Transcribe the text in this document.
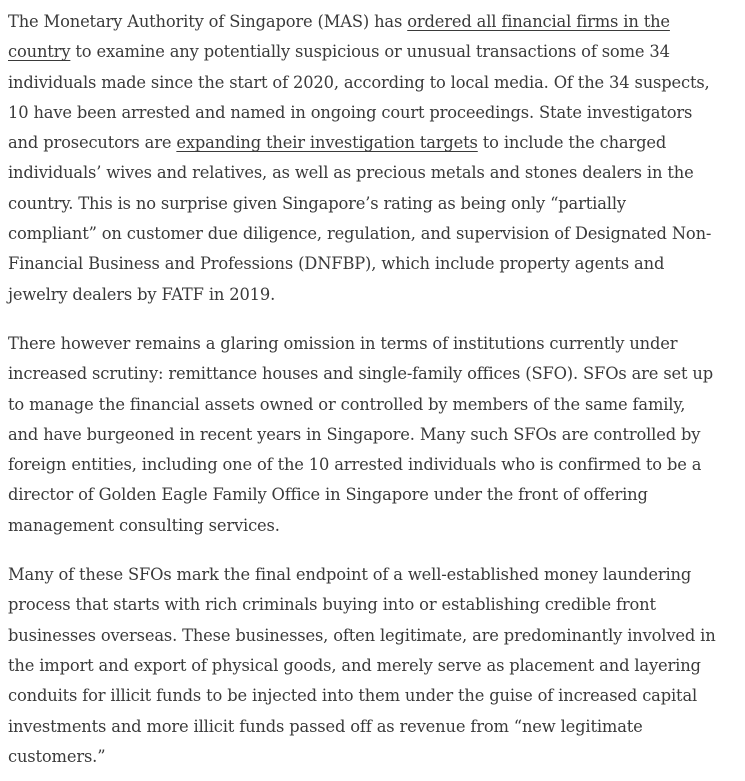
The Monetary Authority of Singapore (MAS) has ordered all financial firms in the
country to examine any potentially suspicious or unusual transactions of some 34
individuals made since the start of 2020, according to local media. Of the 34 suspects,
10 have been arrested and named in ongoing court proceedings. State investigators
and prosecutors are expanding their investigation targets to include the charged
individuals’ wives and relatives, as well as precious metals and stones dealers in the
country. This is no surprise given Singapore’s rating as being only “partially
compliant” on customer due diligence, regulation, and supervision of Designated Non-
Financial Business and Professions (DNFBP), which include property agents and
jewelry dealers by FATF in 2019.

There however remains a glaring omission in terms of institutions currently under
increased scrutiny: remittance houses and single-family offices (SFO). SFOs are set up
to manage the financial assets owned or controlled by members of the same family,
and have burgeoned in recent years in Singapore. Many such SFOs are controlled by
foreign entities, including one of the 10 arrested individuals who is confirmed to be a
director of Golden Eagle Family Office in Singapore under the front of offering
management consulting services.

Many of these SFOs mark the final endpoint of a well-established money laundering
process that starts with rich criminals buying into or establishing credible front
businesses overseas. These businesses, often legitimate, are predominantly involved in
the import and export of physical goods, and merely serve as placement and layering
conduits for illicit funds to be injected into them under the guise of increased capital
investments and more illicit funds passed off as revenue from “new legitimate
customers.”
